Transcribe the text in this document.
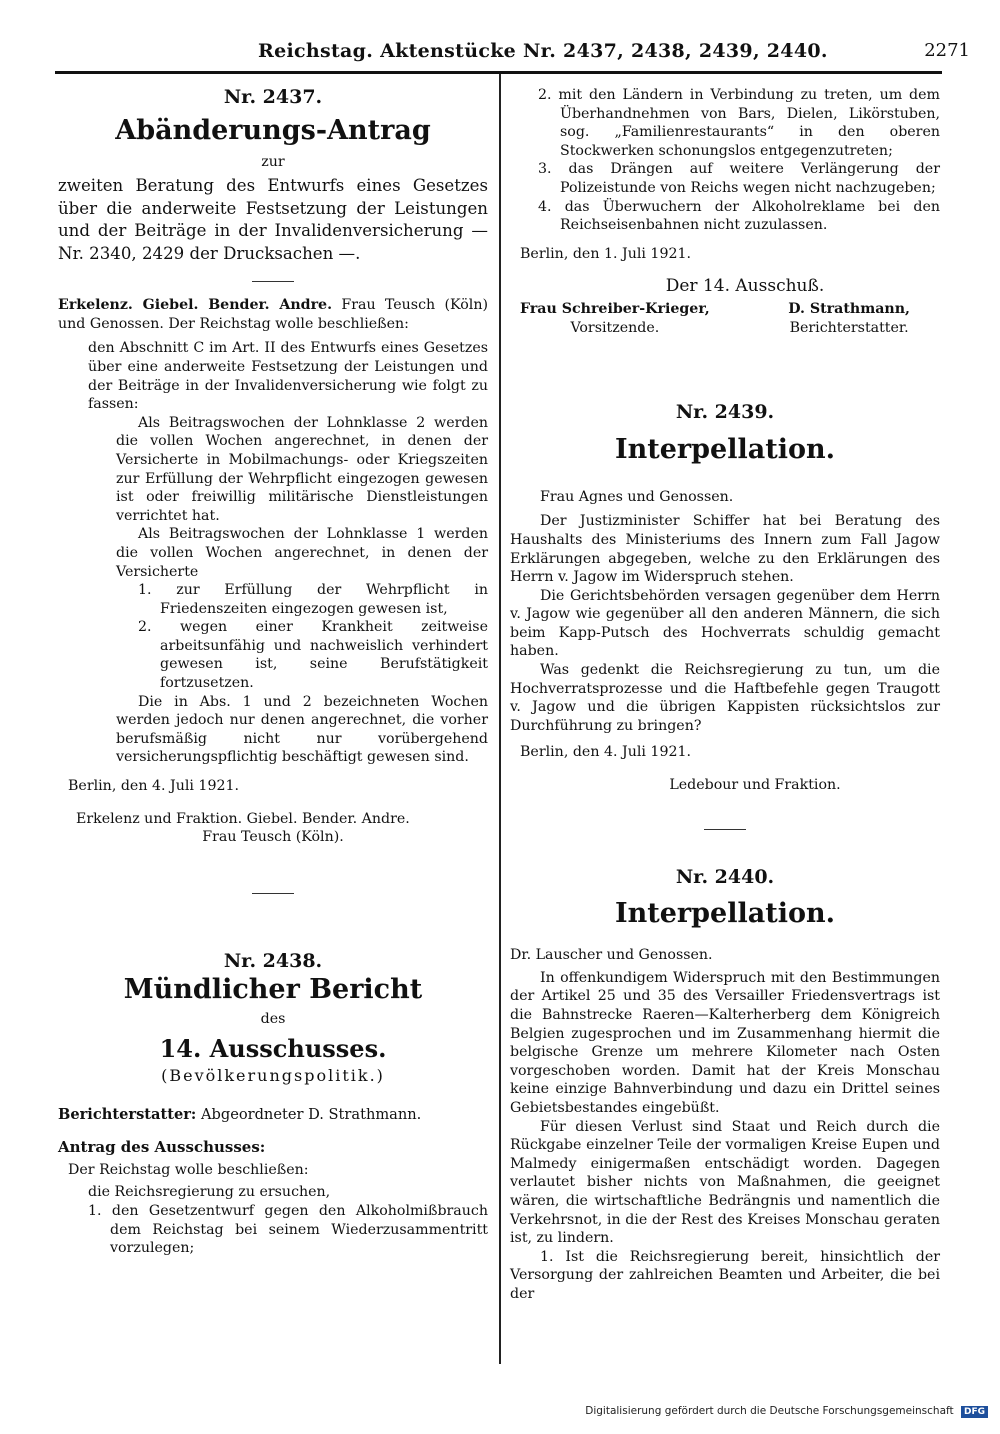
Reichstag. Aktenstücke Nr. 2437, 2438, 2439, 2440.	2271
Nr. 2437.
Abänderungs-Antrag
zur
zweiten Beratung des Entwurfs eines Gesetzes über die anderweite Festsetzung der Leistungen und der Beiträge in der Invalidenversicherung — Nr. 2340, 2429 der Drucksachen —.
Erkelenz. Giebel. Bender. Andre. Frau Teusch (Köln) und Genossen. Der Reichstag wolle beschließen:
den Abschnitt C im Art. II des Entwurfs eines Gesetzes über eine anderweite Festsetzung der Leistungen und der Beiträge in der Invalidenversicherung wie folgt zu fassen:
Als Beitragswochen der Lohnklasse 2 werden die vollen Wochen angerechnet, in denen der Versicherte in Mobilmachungs- oder Kriegszeiten zur Erfüllung der Wehrpflicht eingezogen gewesen ist oder freiwillig militärische Dienstleistungen verrichtet hat.
Als Beitragswochen der Lohnklasse 1 werden die vollen Wochen angerechnet, in denen der Versicherte
1. zur Erfüllung der Wehrpflicht in Friedenszeiten eingezogen gewesen ist,
2. wegen einer Krankheit zeitweise arbeitsunfähig und nachweislich verhindert gewesen ist, seine Berufstätigkeit fortzusetzen.
Die in Abs. 1 und 2 bezeichneten Wochen werden jedoch nur denen angerechnet, die vorher berufsmäßig nicht nur vorübergehend versicherungspflichtig beschäftigt gewesen sind.
Berlin, den 4. Juli 1921.
Erkelenz und Fraktion. Giebel. Bender. Andre.
Frau Teusch (Köln).
Nr. 2438.
Mündlicher Bericht
des
14. Ausschusses.
(Bevölkerungspolitik.)
Berichterstatter: Abgeordneter D. Strathmann.
Antrag des Ausschusses:
Der Reichstag wolle beschließen:
die Reichsregierung zu ersuchen,
1. den Gesetzentwurf gegen den Alkoholmißbrauch dem Reichstag bei seinem Wiederzusammentritt vorzulegen;
2. mit den Ländern in Verbindung zu treten, um dem Überhandnehmen von Bars, Dielen, Likörstuben, sog. „Familienrestaurants“ in den oberen Stockwerken schonungslos entgegenzutreten;
3. das Drängen auf weitere Verlängerung der Polizeistunde von Reichs wegen nicht nachzugeben;
4. das Überwuchern der Alkoholreklame bei den Reichseisenbahnen nicht zuzulassen.
Berlin, den 1. Juli 1921.
Der 14. Ausschuß.
Frau Schreiber-Krieger,
Vorsitzende.
D. Strathmann,
Berichterstatter.
Nr. 2439.
Interpellation.
Frau Agnes und Genossen.
Der Justizminister Schiffer hat bei Beratung des Haushalts des Ministeriums des Innern zum Fall Jagow Erklärungen abgegeben, welche zu den Erklärungen des Herrn v. Jagow im Widerspruch stehen.
Die Gerichtsbehörden versagen gegenüber dem Herrn v. Jagow wie gegenüber all den anderen Männern, die sich beim Kapp-Putsch des Hochverrats schuldig gemacht haben.
Was gedenkt die Reichsregierung zu tun, um die Hochverratsprozesse und die Haftbefehle gegen Traugott v. Jagow und die übrigen Kappisten rücksichtslos zur Durchführung zu bringen?
Berlin, den 4. Juli 1921.
Ledebour und Fraktion.
Nr. 2440.
Interpellation.
Dr. Lauscher und Genossen.
In offenkundigem Widerspruch mit den Bestimmungen der Artikel 25 und 35 des Versailler Friedensvertrags ist die Bahnstrecke Raeren—Kalterherberg dem Königreich Belgien zugesprochen und im Zusammenhang hiermit die belgische Grenze um mehrere Kilometer nach Osten vorgeschoben worden. Damit hat der Kreis Monschau keine einzige Bahnverbindung und dazu ein Drittel seines Gebietsbestandes eingebüßt.
Für diesen Verlust sind Staat und Reich durch die Rückgabe einzelner Teile der vormaligen Kreise Eupen und Malmedy einigermaßen entschädigt worden. Dagegen verlautet bisher nichts von Maßnahmen, die geeignet wären, die wirtschaftliche Bedrängnis und namentlich die Verkehrsnot, in die der Rest des Kreises Monschau geraten ist, zu lindern.
1. Ist die Reichsregierung bereit, hinsichtlich der Versorgung der zahlreichen Beamten und Arbeiter, die bei der
Digitalisierung gefördert durch die Deutsche Forschungsgemeinschaft DFG
